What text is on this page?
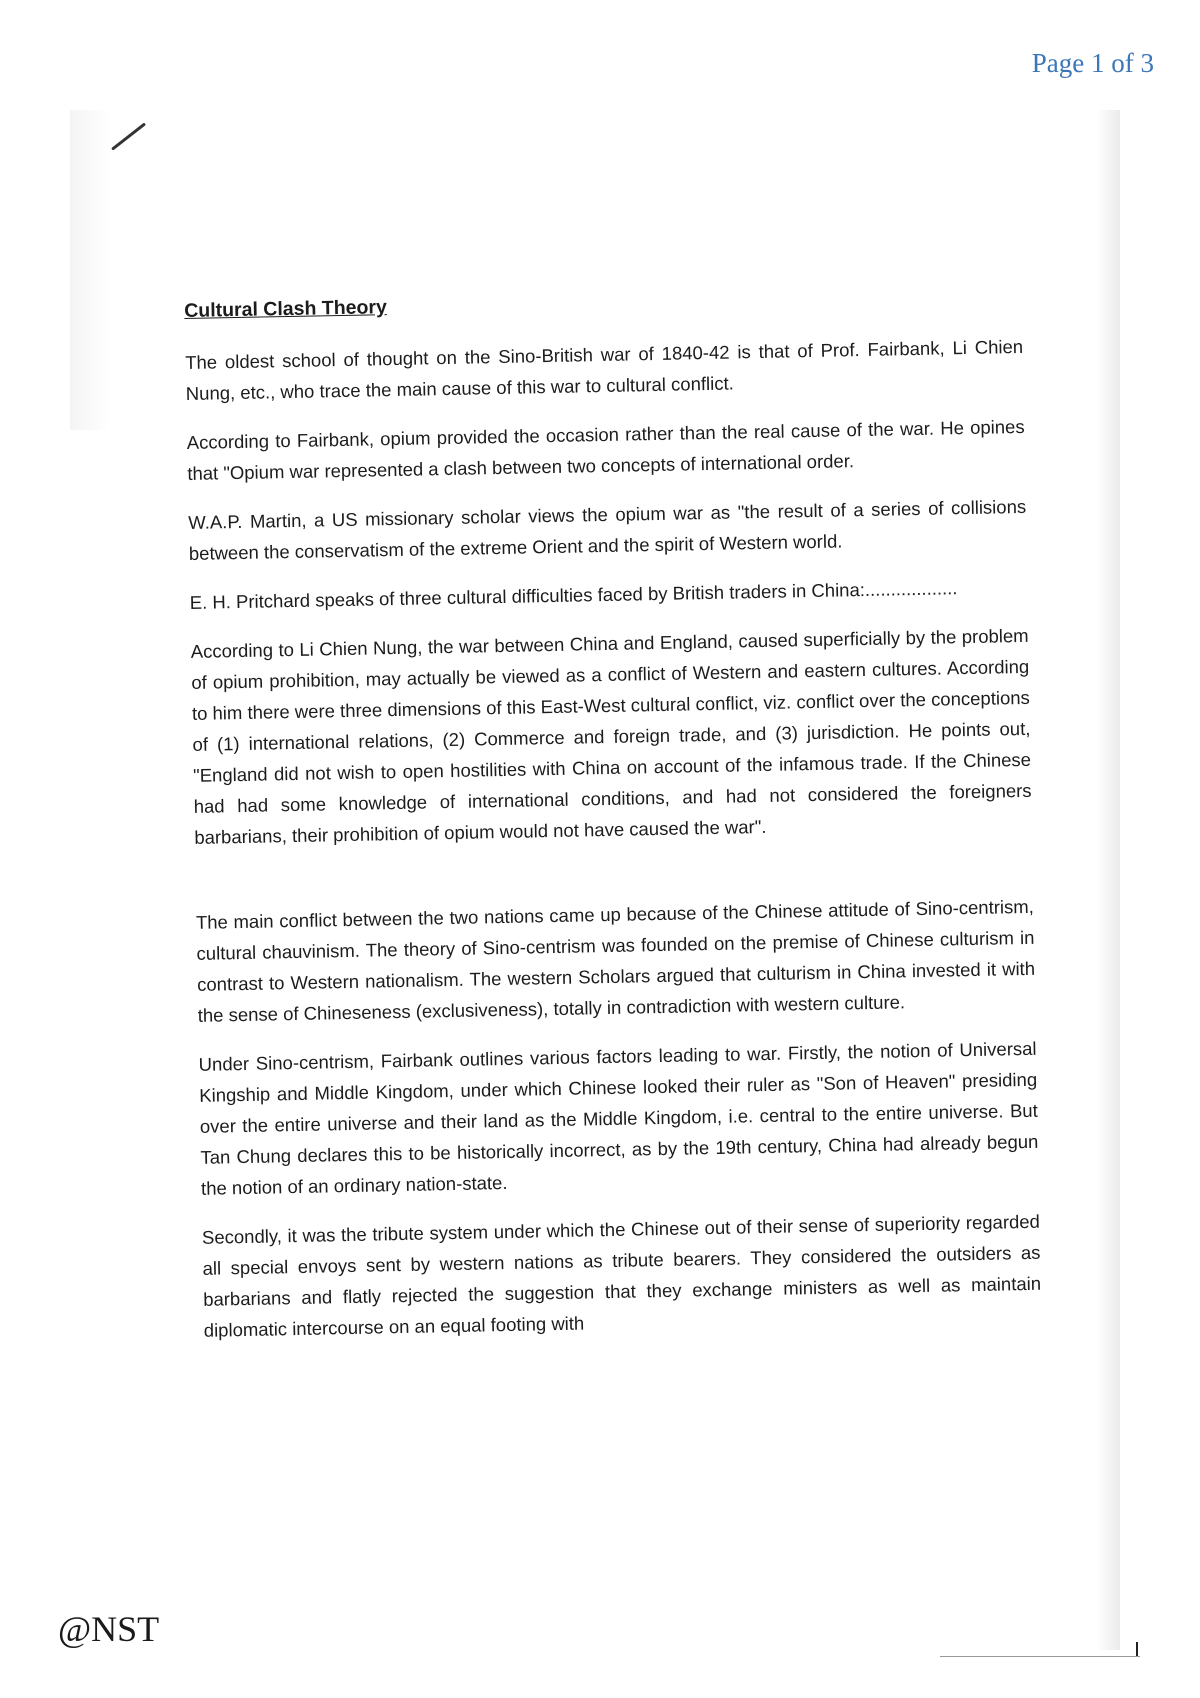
Page 1 of 3
Cultural Clash Theory

The oldest school of thought on the Sino-British war of 1840-42 is that of Prof. Fairbank, Li Chien Nung, etc., who trace the main cause of this war to cultural conflict.

According to Fairbank, opium provided the occasion rather than the real cause of the war. He opines that "Opium war represented a clash between two concepts of international order.

W.A.P. Martin, a US missionary scholar views the opium war as "the result of a series of collisions between the conservatism of the extreme Orient and the spirit of Western world.

E. H. Pritchard speaks of three cultural difficulties faced by British traders in China:..................

According to Li Chien Nung, the war between China and England, caused superficially by the problem of opium prohibition, may actually be viewed as a conflict of Western and eastern cultures. According to him there were three dimensions of this East-West cultural conflict, viz. conflict over the conceptions of (1) international relations, (2) Commerce and foreign trade, and (3) jurisdiction. He points out, "England did not wish to open hostilities with China on account of the infamous trade. If the Chinese had had some knowledge of international conditions, and had not considered the foreigners barbarians, their prohibition of opium would not have caused the war".

The main conflict between the two nations came up because of the Chinese attitude of Sino-centrism, cultural chauvinism. The theory of Sino-centrism was founded on the premise of Chinese culturism in contrast to Western nationalism. The western Scholars argued that culturism in China invested it with the sense of Chineseness (exclusiveness), totally in contradiction with western culture.

Under Sino-centrism, Fairbank outlines various factors leading to war. Firstly, the notion of Universal Kingship and Middle Kingdom, under which Chinese looked their ruler as "Son of Heaven" presiding over the entire universe and their land as the Middle Kingdom, i.e. central to the entire universe. But Tan Chung declares this to be historically incorrect, as by the 19th century, China had already begun the notion of an ordinary nation-state.

Secondly, it was the tribute system under which the Chinese out of their sense of superiority regarded all special envoys sent by western nations as tribute bearers. They considered the outsiders as barbarians and flatly rejected the suggestion that they exchange ministers as well as maintain diplomatic intercourse on an equal footing with

@NST
